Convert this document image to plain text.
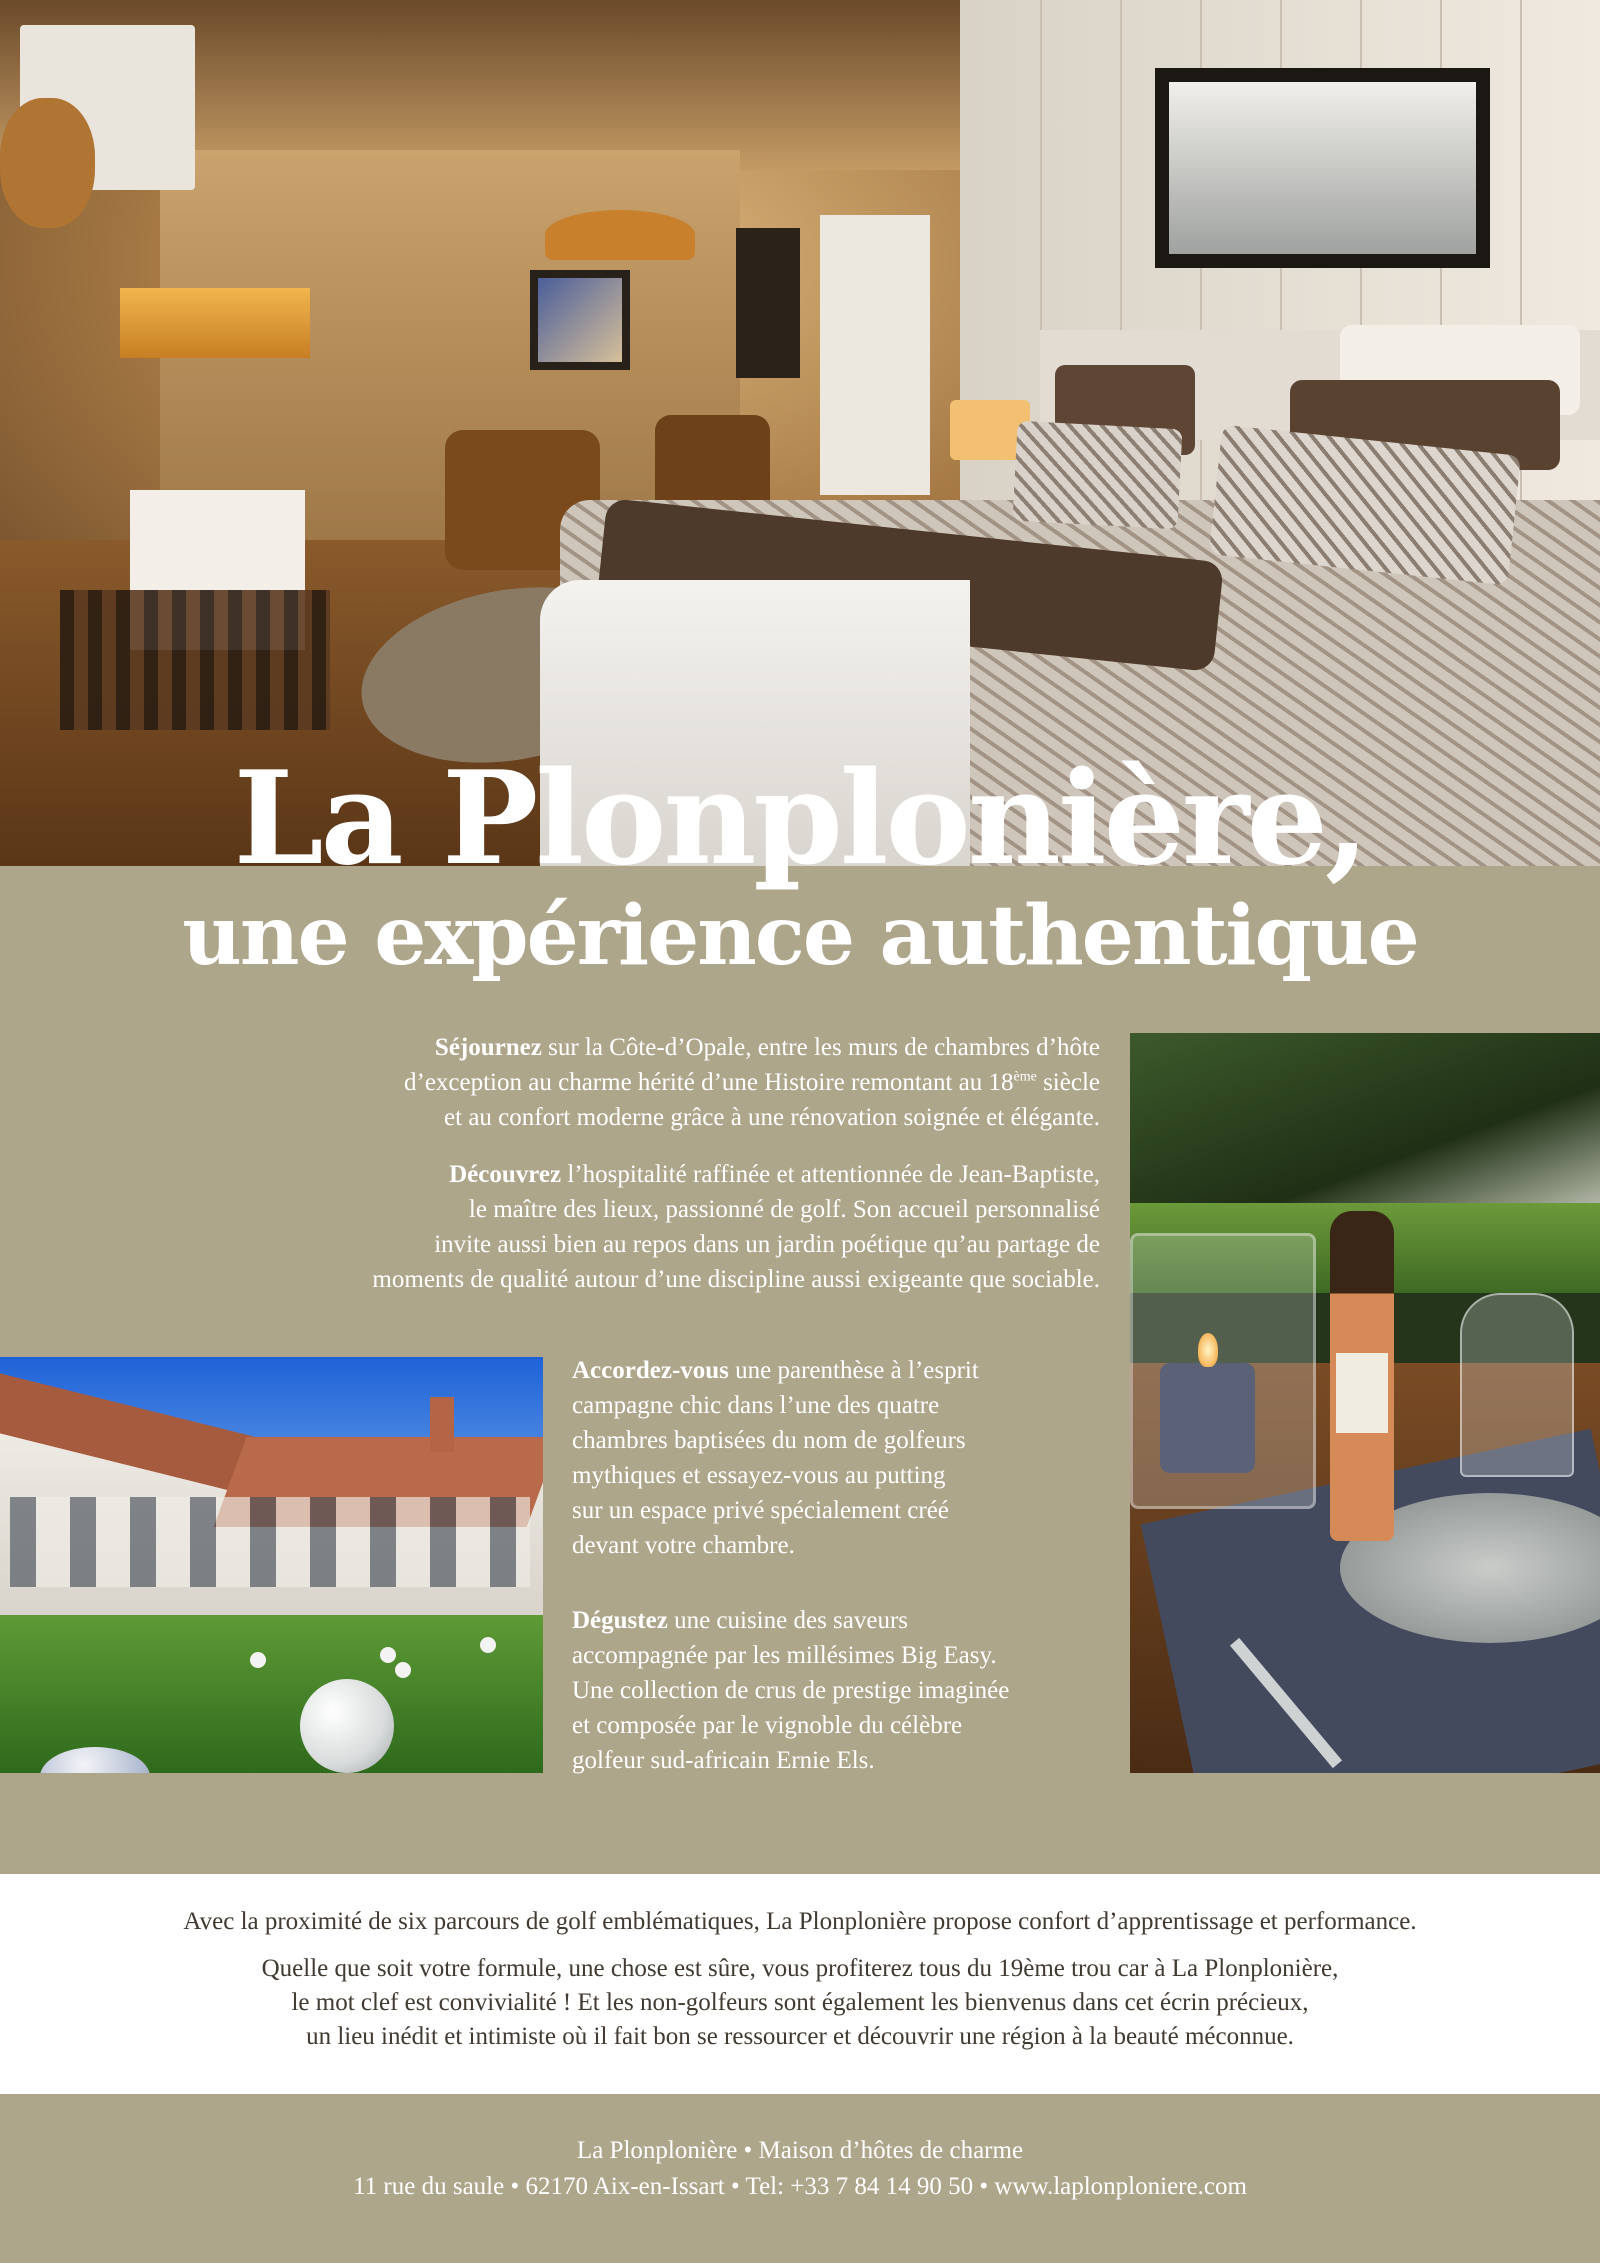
La Plonplonière,
une expérience authentique

Séjournez sur la Côte-d’Opale, entre les murs de chambres d’hôte
d’exception au charme hérité d’une Histoire remontant au 18ème siècle
et au confort moderne grâce à une rénovation soignée et élégante.

Découvrez l’hospitalité raffinée et attentionnée de Jean-Baptiste,
le maître des lieux, passionné de golf. Son accueil personnalisé
invite aussi bien au repos dans un jardin poétique qu’au partage de
moments de qualité autour d’une discipline aussi exigeante que sociable.

Accordez-vous une parenthèse à l’esprit
campagne chic dans l’une des quatre
chambres baptisées du nom de golfeurs
mythiques et essayez-vous au putting
sur un espace privé spécialement créé
devant votre chambre.

Dégustez une cuisine des saveurs
accompagnée par les millésimes Big Easy.
Une collection de crus de prestige imaginée
et composée par le vignoble du célèbre
golfeur sud-africain Ernie Els.

Avec la proximité de six parcours de golf emblématiques, La Plonplonière propose confort d’apprentissage et performance.

Quelle que soit votre formule, une chose est sûre, vous profiterez tous du 19ème trou car à La Plonplonière,

le mot clef est convivialité ! Et les non-golfeurs sont également les bienvenus dans cet écrin précieux,

un lieu inédit et intimiste où il fait bon se ressourcer et découvrir une région à la beauté méconnue.

La Plonplonière • Maison d’hôtes de charme

11 rue du saule • 62170 Aix-en-Issart • Tel: +33 7 84 14 90 50 • www.laplonploniere.com
